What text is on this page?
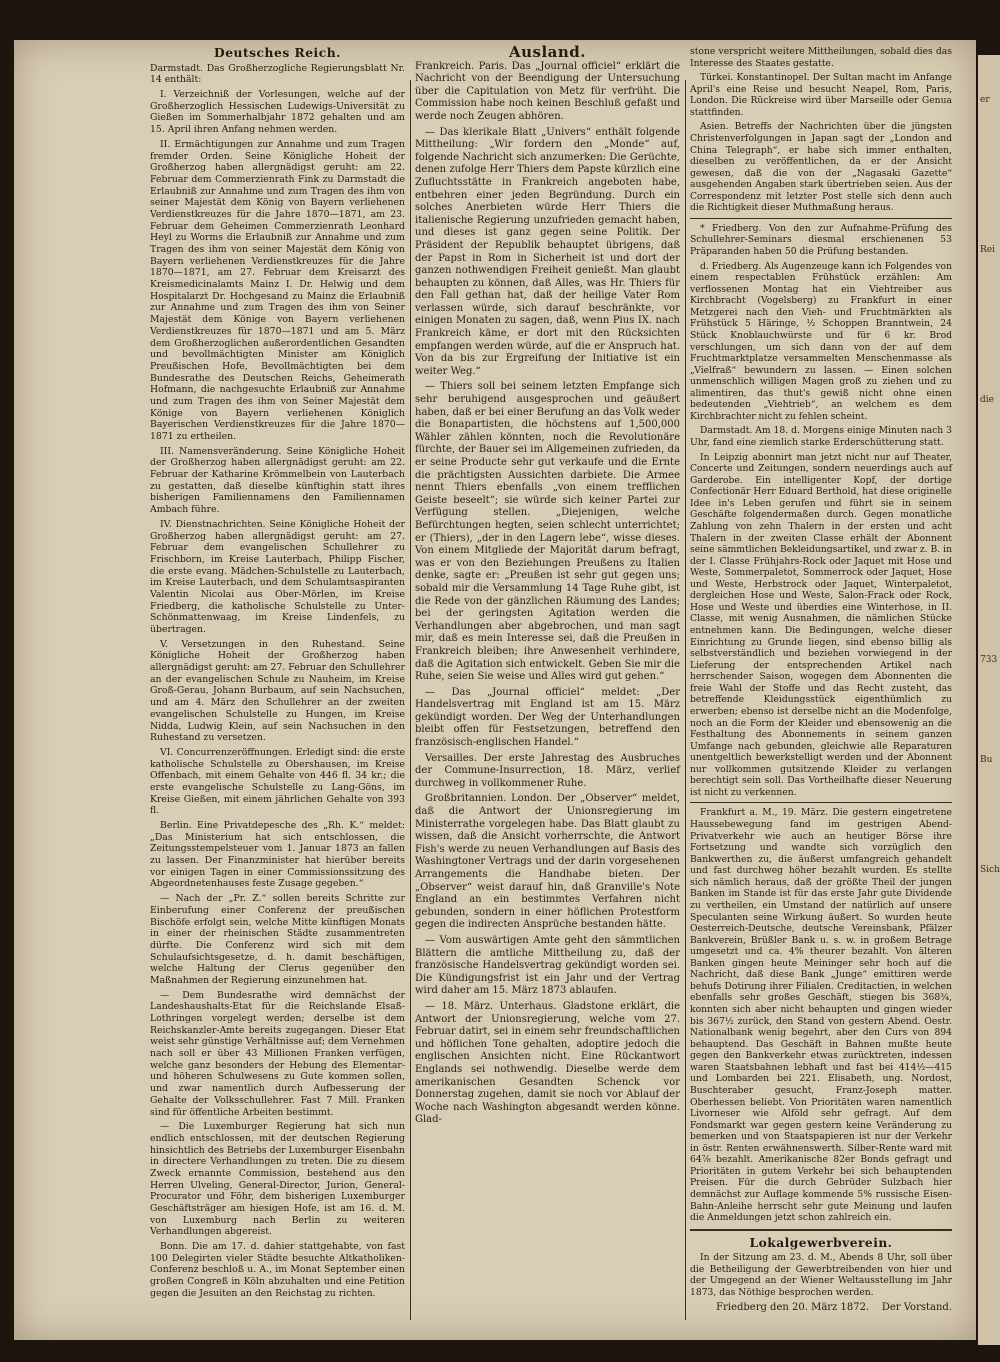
er
Rei
die
733
Bu
Sich
Deutsches Reich.

Darmstadt. Das Großherzogliche Regierungsblatt Nr. 14 enthält:

I. Verzeichniß der Vorlesungen, welche auf der Großherzoglich Hessischen Ludewigs-Universität zu Gießen im Sommerhalbjahr 1872 gehalten und am 15. April ihren Anfang nehmen werden.

II. Ermächtigungen zur Annahme und zum Tragen fremder Orden. Seine Königliche Hoheit der Großherzog haben allergnädigst geruht: am 22. Februar dem Commerzienrath Fink zu Darmstadt die Erlaubniß zur Annahme und zum Tragen des ihm von seiner Majestät dem König von Bayern verliehenen Verdienstkreuzes für die Jahre 1870—1871, am 23. Februar dem Geheimen Commerzienrath Leonhard Heyl zu Worms die Erlaubniß zur Annahme und zum Tragen des ihm von seiner Majestät dem König von Bayern verliehenen Verdienstkreuzes für die Jahre 1870—1871, am 27. Februar dem Kreisarzt des Kreismedicinalamts Mainz I. Dr. Helwig und dem Hospitalarzt Dr. Hochgesand zu Mainz die Erlaubniß zur Annahme und zum Tragen des ihm von Seiner Majestät dem Könige von Bayern verliehenen Verdienstkreuzes für 1870—1871 und am 5. März dem Großherzoglichen außerordentlichen Gesandten und bevollmächtigten Minister am Königlich Preußischen Hofe, Bevollmächtigten bei dem Bundesrathe des Deutschen Reichs, Geheimerath Hofmann, die nachgesuchte Erlaubniß zur Annahme und zum Tragen des ihm von Seiner Majestät dem Könige von Bayern verliehenen Königlich Bayerischen Verdienstkreuzes für die Jahre 1870—1871 zu ertheilen.

III. Namensveränderung. Seine Königliche Hoheit der Großherzog haben allergnädigst geruht: am 22. Februar der Katharine Krömmelbein von Lauterbach zu gestatten, daß dieselbe künftighin statt ihres bisherigen Familiennamens den Familiennamen Ambach führe.

IV. Dienstnachrichten. Seine Königliche Hoheit der Großherzog haben allergnädigst geruht: am 27. Februar dem evangelischen Schullehrer zu Frischborn, im Kreise Lauterbach, Philipp Fischer, die erste evang. Mädchen-Schulstelle zu Lauterbach, im Kreise Lauterbach, und dem Schulamtsaspiranten Valentin Nicolai aus Ober-Mörlen, im Kreise Friedberg, die katholische Schulstelle zu Unter-Schönmattenwaag, im Kreise Lindenfels, zu übertragen.

V. Versetzungen in den Ruhestand. Seine Königliche Hoheit der Großherzog haben allergnädigst geruht: am 27. Februar den Schullehrer an der evangelischen Schule zu Nauheim, im Kreise Groß-Gerau, Johann Burbaum, auf sein Nachsuchen, und am 4. März den Schullehrer an der zweiten evangelischen Schulstelle zu Hungen, im Kreise Nidda, Ludwig Klein, auf sein Nachsuchen in den Ruhestand zu versetzen.

VI. Concurrenzeröffnungen. Erledigt sind: die erste katholische Schulstelle zu Obershausen, im Kreise Offenbach, mit einem Gehalte von 446 fl. 34 kr.; die erste evangelische Schulstelle zu Lang-Göns, im Kreise Gießen, mit einem jährlichen Gehalte von 393 fl.

Berlin. Eine Privatdepesche des „Rh. K.“ meldet: „Das Ministerium hat sich entschlossen, die Zeitungsstempelsteuer vom 1. Januar 1873 an fallen zu lassen. Der Finanzminister hat hierüber bereits vor einigen Tagen in einer Commissionssitzung des Abgeordnetenhauses feste Zusage gegeben.“

— Nach der „Pr. Z.“ sollen bereits Schritte zur Einberufung einer Conferenz der preußischen Bischöfe erfolgt sein, welche Mitte künftigen Monats in einer der rheinischen Städte zusammentreten dürfte. Die Conferenz wird sich mit dem Schulaufsichtsgesetze, d. h. damit beschäftigen, welche Haltung der Clerus gegenüber den Maßnahmen der Regierung einzunehmen hat.

— Dem Bundesrathe wird demnächst der Landeshaushalts-Etat für die Reichslande Elsaß-Lothringen vorgelegt werden; derselbe ist dem Reichskanzler-Amte bereits zugegangen. Dieser Etat weist sehr günstige Verhältnisse auf; dem Vernehmen nach soll er über 43 Millionen Franken verfügen, welche ganz besonders der Hebung des Elementar- und höheren Schulwesens zu Gute kommen sollen, und zwar namentlich durch Aufbesserung der Gehalte der Volksschullehrer. Fast 7 Mill. Franken sind für öffentliche Arbeiten bestimmt.

— Die Luxemburger Regierung hat sich nun endlich entschlossen, mit der deutschen Regierung hinsichtlich des Betriebs der Luxemburger Eisenbahn in directere Verhandlungen zu treten. Die zu diesem Zweck ernannte Commission, bestehend aus den Herren Ulveling, General-Director, Jurion, General-Procurator und Föhr, dem bisherigen Luxemburger Geschäftsträger am hiesigen Hofe, ist am 16. d. M. von Luxemburg nach Berlin zu weiteren Verhandlungen abgereist.

Bonn. Die am 17. d. dahier stattgehabte, von fast 100 Delegirten vieler Städte besuchte Altkatholiken-Conferenz beschloß u. A., im Monat September einen großen Congreß in Köln abzuhalten und eine Petition gegen die Jesuiten an den Reichstag zu richten.

Ausland.

Frankreich. Paris. Das „Journal officiel“ erklärt die Nachricht von der Beendigung der Untersuchung über die Capitulation von Metz für verfrüht. Die Commission habe noch keinen Beschluß gefaßt und werde noch Zeugen abhören.

— Das klerikale Blatt „Univers“ enthält folgende Mittheilung: „Wir fordern den „Monde“ auf, folgende Nachricht sich anzumerken: Die Gerüchte, denen zufolge Herr Thiers dem Papste kürzlich eine Zufluchtsstätte in Frankreich angeboten habe, entbehren einer jeden Begründung. Durch ein solches Anerbieten würde Herr Thiers die italienische Regierung unzufrieden gemacht haben, und dieses ist ganz gegen seine Politik. Der Präsident der Republik behauptet übrigens, daß der Papst in Rom in Sicherheit ist und dort der ganzen nothwendigen Freiheit genießt. Man glaubt behaupten zu können, daß Alles, was Hr. Thiers für den Fall gethan hat, daß der heilige Vater Rom verlassen würde, sich darauf beschränkte, vor einigen Monaten zu sagen, daß, wenn Pius IX. nach Frankreich käme, er dort mit den Rücksichten empfangen werden würde, auf die er Anspruch hat. Von da bis zur Ergreifung der Initiative ist ein weiter Weg.“

— Thiers soll bei seinem letzten Empfange sich sehr beruhigend ausgesprochen und geäußert haben, daß er bei einer Berufung an das Volk weder die Bonapartisten, die höchstens auf 1,500,000 Wähler zählen könnten, noch die Revolutionäre fürchte, der Bauer sei im Allgemeinen zufrieden, da er seine Producte sehr gut verkaufe und die Ernte die prächtigsten Aussichten darbiete. Die Armee nennt Thiers ebenfalls „von einem trefflichen Geiste beseelt“; sie würde sich keiner Partei zur Verfügung stellen. „Diejenigen, welche Befürchtungen hegten, seien schlecht unterrichtet; er (Thiers), „der in den Lagern lebe“, wisse dieses. Von einem Mitgliede der Majorität darum befragt, was er von den Beziehungen Preußens zu Italien denke, sagte er: „Preußen ist sehr gut gegen uns; sobald mir die Versammlung 14 Tage Ruhe gibt, ist die Rede von der gänzlichen Räumung des Landes; bei der geringsten Agitation werden die Verhandlungen aber abgebrochen, und man sagt mir, daß es mein Interesse sei, daß die Preußen in Frankreich bleiben; ihre Anwesenheit verhindere, daß die Agitation sich entwickelt. Geben Sie mir die Ruhe, seien Sie weise und Alles wird gut gehen.“

— Das „Journal officiel“ meldet: „Der Handelsvertrag mit England ist am 15. März gekündigt worden. Der Weg der Unterhandlungen bleibt offen für Festsetzungen, betreffend den französisch-englischen Handel.“

Versailles. Der erste Jahrestag des Ausbruches der Commune-Insurrection, 18. März, verlief durchweg in vollkommener Ruhe.

Großbritannien. London. Der „Observer“ meldet, daß die Antwort der Unionsregierung im Ministerrathe vorgelegen habe. Das Blatt glaubt zu wissen, daß die Ansicht vorherrschte, die Antwort Fish's werde zu neuen Verhandlungen auf Basis des Washingtoner Vertrags und der darin vorgesehenen Arrangements die Handhabe bieten. Der „Observer“ weist darauf hin, daß Granville's Note England an ein bestimmtes Verfahren nicht gebunden, sondern in einer höflichen Protestform gegen die indirecten Ansprüche bestanden hätte.

— Vom auswärtigen Amte geht den sämmtlichen Blättern die amtliche Mittheilung zu, daß der französische Handelsvertrag gekündigt worden sei. Die Kündigungsfrist ist ein Jahr und der Vertrag wird daher am 15. März 1873 ablaufen.

— 18. März. Unterhaus. Gladstone erklärt, die Antwort der Unionsregierung, welche vom 27. Februar datirt, sei in einem sehr freundschaftlichen und höflichen Tone gehalten, adoptire jedoch die englischen Ansichten nicht. Eine Rückantwort Englands sei nothwendig. Dieselbe werde dem amerikanischen Gesandten Schenck vor Donnerstag zugehen, damit sie noch vor Ablauf der Woche nach Washington abgesandt werden könne. Glad-

stone verspricht weitere Mittheilungen, sobald dies das Interesse des Staates gestatte.

Türkei. Konstantinopel. Der Sultan macht im Anfange April's eine Reise und besucht Neapel, Rom, Paris, London. Die Rückreise wird über Marseille oder Genua stattfinden.

Asien. Betreffs der Nachrichten über die jüngsten Christenverfolgungen in Japan sagt der „London and China Telegraph“, er habe sich immer enthalten, dieselben zu veröffentlichen, da er der Ansicht gewesen, daß die von der „Nagasaki Gazette“ ausgehenden Angaben stark übertrieben seien. Aus der Correspondenz mit letzter Post stelle sich denn auch die Richtigkeit dieser Muthmaßung heraus.

* Friedberg. Von den zur Aufnahme-Prüfung des Schullehrer-Seminars diesmal erschienenen 53 Präparanden haben 50 die Prüfung bestanden.

d. Friedberg. Als Augenzeuge kann ich Folgendes von einem respectablen Frühstück erzählen: Am verflossenen Montag hat ein Viehtreiber aus Kirchbracht (Vogelsberg) zu Frankfurt in einer Metzgerei nach den Vieh- und Fruchtmärkten als Frühstück 5 Häringe, ½ Schoppen Branntwein, 24 Stück Knoblauchwürste und für 6 kr. Brod verschlungen, um sich dann von der auf dem Fruchtmarktplatze versammelten Menschenmasse als „Vielfraß“ bewundern zu lassen. — Einen solchen unmenschlich willigen Magen groß zu ziehen und zu alimentiren, das thut's gewiß nicht ohne einen bedeutenden „Viehtrieb“, an welchem es dem Kirchbrachter nicht zu fehlen scheint.

Darmstadt. Am 18. d. Morgens einige Minuten nach 3 Uhr, fand eine ziemlich starke Erderschütterung statt.

In Leipzig abonnirt man jetzt nicht nur auf Theater, Concerte und Zeitungen, sondern neuerdings auch auf Garderobe. Ein intelligenter Kopf, der dortige Confectionär Herr Eduard Berthold, hat diese originelle Idee in's Leben gerufen und führt sie in seinem Geschäfte folgendermaßen durch. Gegen monatliche Zahlung von zehn Thalern in der ersten und acht Thalern in der zweiten Classe erhält der Abonnent seine sämmtlichen Bekleidungsartikel, und zwar z. B. in der I. Classe Frühjahrs-Rock oder Jaquet mit Hose und Weste, Sommerpaletot, Sommerrock oder Jaquet, Hose und Weste, Herbstrock oder Jaquet, Winterpaletot, dergleichen Hose und Weste, Salon-Frack oder Rock, Hose und Weste und überdies eine Winterhose, in II. Classe, mit wenig Ausnahmen, die nämlichen Stücke entnehmen kann. Die Bedingungen, welche dieser Einrichtung zu Grunde liegen, sind ebenso billig als selbstverständlich und beziehen vorwiegend in der Lieferung der entsprechenden Artikel nach herrschender Saison, wogegen dem Abonnenten die freie Wahl der Stoffe und das Recht zusteht, das betreffende Kleidungsstück eigenthümlich zu erwerben; ebenso ist derselbe nicht an die Modenfolge, noch an die Form der Kleider und ebensowenig an die Festhaltung des Abonnements in seinem ganzen Umfange nach gebunden, gleichwie alle Reparaturen unentgeltlich bewerkstelligt werden und der Abonnent nur vollkommen gutsitzende Kleider zu verlangen berechtigt sein soll. Das Vortheilhafte dieser Neuerung ist nicht zu verkennen.

Frankfurt a. M., 19. März. Die gestern eingetretene Haussebewegung fand im gestrigen Abend-Privatverkehr wie auch an heutiger Börse ihre Fortsetzung und wandte sich vorzüglich den Bankwerthen zu, die äußerst umfangreich gehandelt und fast durchweg höher bezahlt wurden. Es stellte sich nämlich heraus, daß der größte Theil der jungen Banken im Stande ist für das erste Jahr gute Dividende zu vertheilen, ein Umstand der natürlich auf unsere Speculanten seine Wirkung äußert. So wurden heute Oesterreich-Deutsche, deutsche Vereinsbank, Pfälzer Bankverein, Brüßler Bank u. s. w. in großem Betrage umgesetzt und ca. 4% theurer bezahlt. Von älteren Banken gingen heute Meininger sehr hoch auf die Nachricht, daß diese Bank „Junge“ emittiren werde behufs Dotirung ihrer Filialen. Creditactien, in welchen ebenfalls sehr großes Geschäft, stiegen bis 368¾, konnten sich aber nicht behaupten und gingen wieder bis 367½ zurück, den Stand von gestern Abend. Oestr. Nationalbank wenig begehrt, aber den Curs von 894 behauptend. Das Geschäft in Bahnen mußte heute gegen den Bankverkehr etwas zurücktreten, indessen waren Staatsbahnen lebhaft und fast bei 414½—415 und Lombarden bei 221. Elisabeth, ung. Nordost, Buschteraber gesucht, Franz-Joseph matter. Oberhessen beliebt. Von Prioritäten waren namentlich Livorneser wie Alföld sehr gefragt. Auf dem Fondsmarkt war gegen gestern keine Veränderung zu bemerken und von Staatspapieren ist nur der Verkehr in östr. Renten erwähnenswerth. Silber-Rente ward mit 64⅞ bezahlt. Amerikanische 82er Bonds gefragt und Prioritäten in gutem Verkehr bei sich behauptenden Preisen. Für die durch Gebrüder Sulzbach hier demnächst zur Auflage kommende 5% russische Eisen-Bahn-Anleihe herrscht sehr gute Meinung und laufen die Anmeldungen jetzt schon zahlreich ein.

Lokalgewerbverein.

In der Sitzung am 23. d. M., Abends 8 Uhr, soll über die Betheiligung der Gewerbtreibenden von hier und der Umgegend an der Wiener Weltausstellung im Jahr 1873, das Nöthige besprochen werden.

Friedberg den 20. März 1872. Der Vorstand.
